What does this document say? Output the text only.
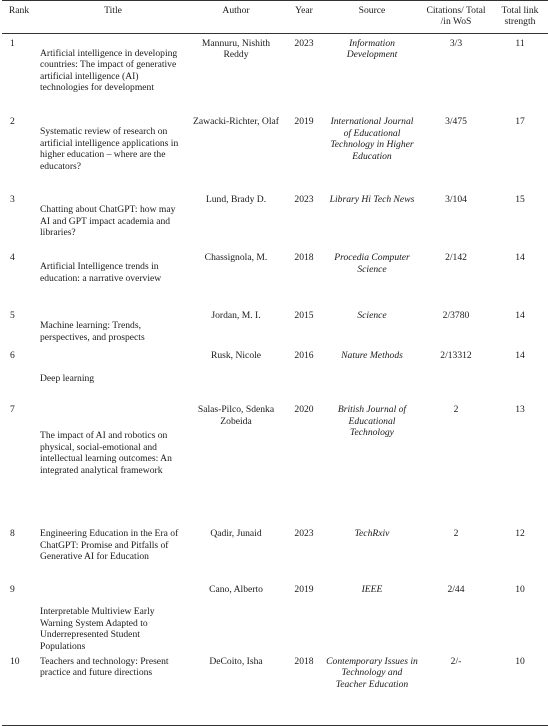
Rank	Title	Author	Year	Source	Citations/ Total /in WoS	Total link strength
1	Artificial intelligence in developing countries: The impact of generative artificial intelligence (AI) technologies for development	Mannuru, Nishith Reddy	2023	Information Development	3/3	11
2	Systematic review of research on artificial intelligence applications in higher education – where are the educators?	Zawacki-Richter, Olaf	2019	International Journal of Educational Technology in Higher Education	3/475	17
3	Chatting about ChatGPT: how may AI and GPT impact academia and libraries?	Lund, Brady D.	2023	Library Hi Tech News	3/104	15
4	Artificial Intelligence trends in education: a narrative overview	Chassignola, M.	2018	Procedia Computer Science	2/142	14
5	Machine learning: Trends, perspectives, and prospects	Jordan, M. I.	2015	Science	2/3780	14
6	Deep learning	Rusk, Nicole	2016	Nature Methods	2/13312	14
7	The impact of AI and robotics on physical, social-emotional and intellectual learning outcomes: An integrated analytical framework	Salas-Pilco, Sdenka Zobeida	2020	British Journal of Educational Technology	2	13
8	Engineering Education in the Era of ChatGPT: Promise and Pitfalls of Generative AI for Education	Qadir, Junaid	2023	TechRxiv	2	12
9	Interpretable Multiview Early Warning System Adapted to Underrepresented Student Populations	Cano, Alberto	2019	IEEE	2/44	10
10	Teachers and technology: Present practice and future directions	DeCoito, Isha	2018	Contemporary Issues in Technology and Teacher Education	2/-	10
